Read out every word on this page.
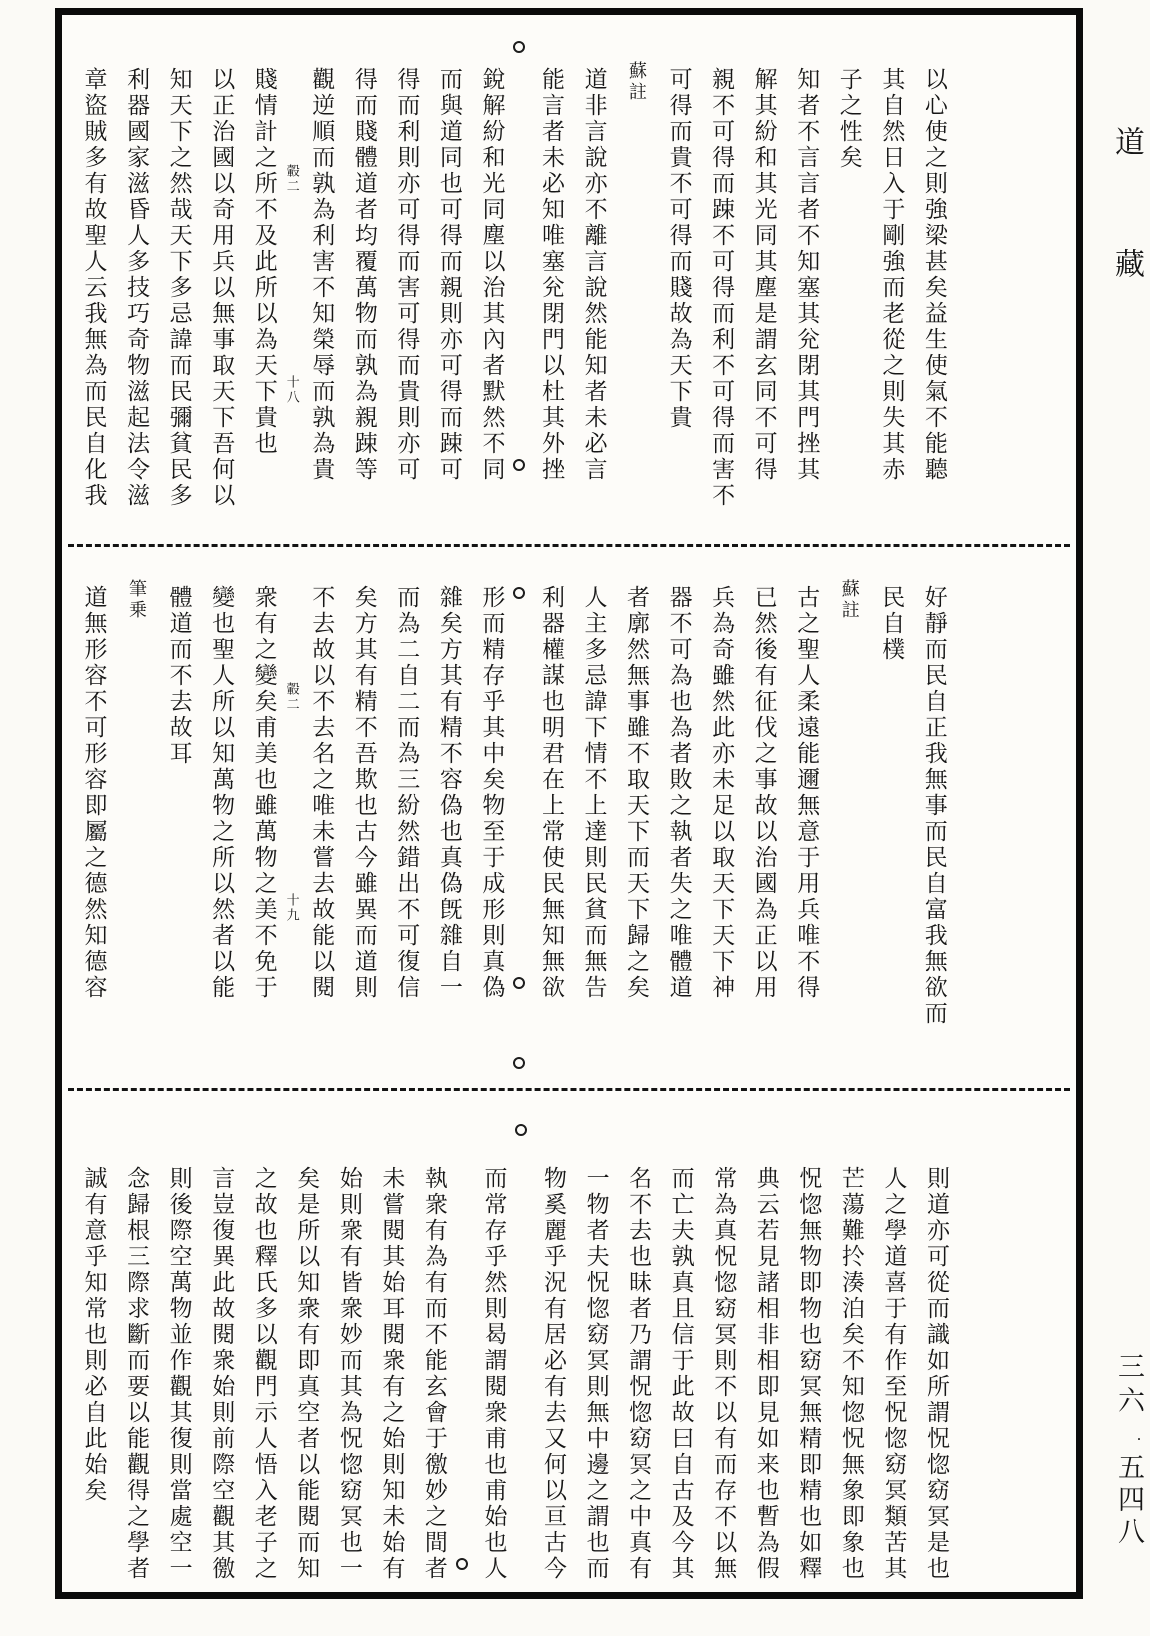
以心使之則強梁甚矣益生使氣不能聽
其自然日入于剛強而老從之則失其赤
子之性矣
知者不言言者不知塞其兊閉其門挫其
解其紛和其光同其塵是謂玄同不可得
親不可得而踈不可得而利不可得而害不
可得而貴不可得而賤故為天下貴
蘇註
道非言說亦不離言說然能知者未必言
能言者未必知唯塞兊閉門以杜其外挫
銳解紛和光同塵以治其內者默然不同
而與道同也可得而親則亦可得而踈可
得而利則亦可得而害可得而貴則亦可
得而賤體道者均覆萬物而孰為親踈等
觀逆順而孰為利害不知榮辱而孰為貴
轂二
十八
賤情計之所不及此所以為天下貴也
以正治國以奇用兵以無事取天下吾何以
知天下之然哉天下多忌諱而民彌貧民多
利器國家滋昏人多技巧奇物滋起法令滋
章盜賊多有故聖人云我無為而民自化我
好靜而民自正我無事而民自富我無欲而
民自樸
蘇註
古之聖人柔遠能邇無意于用兵唯不得
已然後有征伐之事故以治國為正以用
兵為奇雖然此亦未足以取天下天下神
器不可為也為者敗之執者失之唯體道
者廓然無事雖不取天下而天下歸之矣
人主多忌諱下情不上達則民貧而無告
利器權謀也明君在上常使民無知無欲
形而精存乎其中矣物至于成形則真偽
雜矣方其有精不容偽也真偽旣雜自一
而為二自二而為三紛然錯出不可復信
矣方其有精不吾欺也古今雖異而道則
不去故以不去名之唯未嘗去故能以閱
轂二
十九
衆有之變矣甫美也雖萬物之美不免于
變也聖人所以知萬物之所以然者以能
體道而不去故耳
筆乗
道無形容不可形容即屬之德然知德容
則道亦可從而識如所謂怳惚窈冥是也
人之學道喜于有作至怳惚窈冥類苦其
芒蕩難扵湊泊矣不知惚怳無象即象也
怳惚無物即物也窈冥無精即精也如釋
典云若見諸相非相即見如来也暫為假
常為真怳惚窈冥則不以有而存不以無
而亡夫孰真且信于此故曰自古及今其
名不去也昧者乃謂怳惚窈冥之中真有
一物者夫怳惚窈冥則無中邊之謂也而
物奚麗乎況有居必有去又何以亘古今
而常存乎然則曷謂閱衆甫也甫始也人
執衆有為有而不能玄會于徼妙之間者
未嘗閱其始耳閱衆有之始則知未始有
始則衆有皆衆妙而其為怳惚窈冥也一
矣是所以知衆有即真空者以能閱而知
之故也釋氏多以觀門示人悟入老子之
言豈復異此故閱衆始則前際空觀其徼
則後際空萬物並作觀其復則當處空一
念歸根三際求斷而要以能觀得之學者
誠有意乎知常也則必自此始矣
道
藏
三六
·
五四八
